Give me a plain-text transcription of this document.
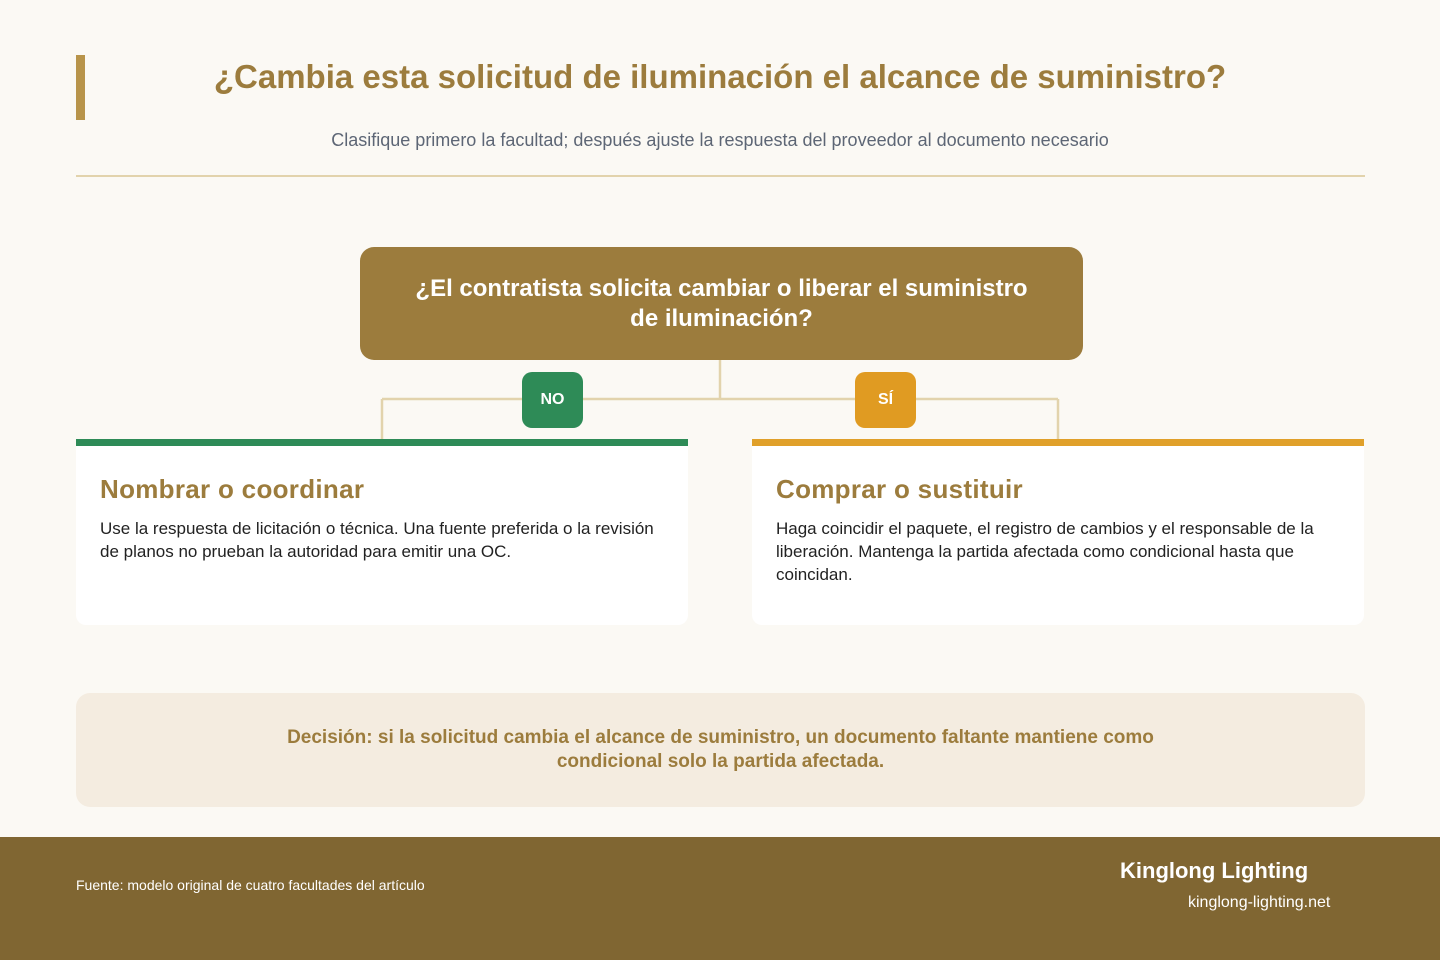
¿Cambia esta solicitud de iluminación el alcance de suministro?

Clasifique primero la facultad; después ajuste la respuesta del proveedor al documento necesario

¿El contratista solicita cambiar o liberar el suministro de iluminación?
NO	SÍ
Nombrar o coordinar

Use la respuesta de licitación o técnica. Una fuente preferida o la revisión de planos no prueban la autoridad para emitir una OC.

Comprar o sustituir

Haga coincidir el paquete, el registro de cambios y el responsable de la liberación. Mantenga la partida afectada como condicional hasta que coincidan.

Decisión: si la solicitud cambia el alcance de suministro, un documento faltante mantiene como condicional solo la partida afectada.
Fuente: modelo original de cuatro facultades del artículo
Kinglong Lighting
kinglong-lighting.net
